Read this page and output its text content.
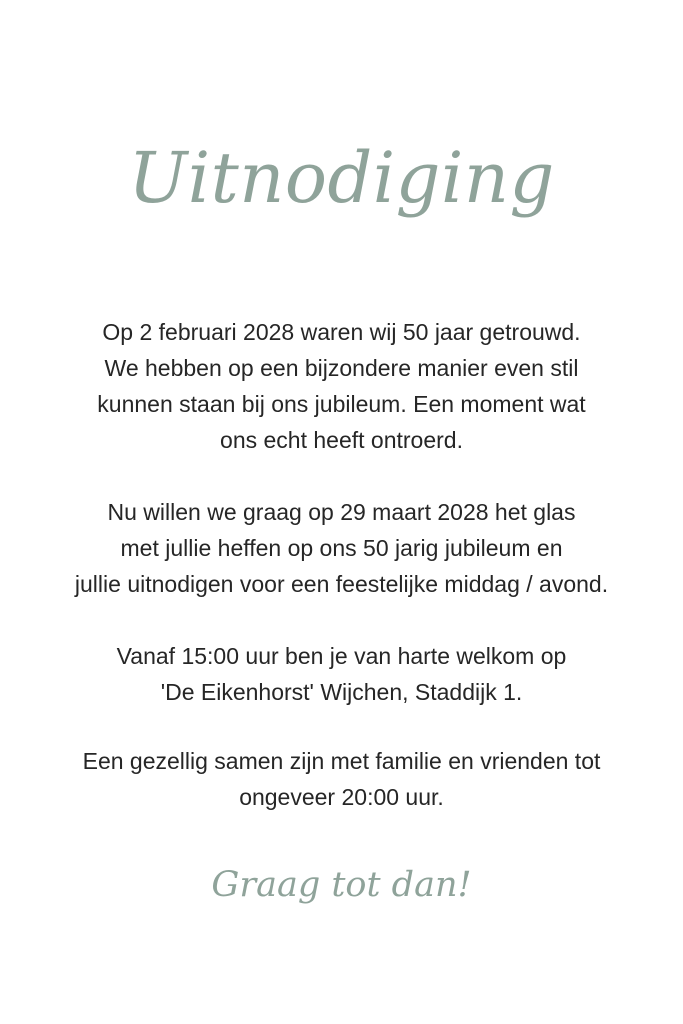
Uitnodiging

Op 2 februari 2028 waren wij 50 jaar getrouwd.
We hebben op een bijzondere manier even stil
kunnen staan bij ons jubileum. Een moment wat
ons echt heeft ontroerd.

Nu willen we graag op 29 maart 2028 het glas
met jullie heffen op ons 50 jarig jubileum en
jullie uitnodigen voor een feestelijke middag / avond.

Vanaf 15:00 uur ben je van harte welkom op
'De Eikenhorst' Wijchen, Staddijk 1.

Een gezellig samen zijn met familie en vrienden tot
ongeveer 20:00 uur.

Graag tot dan!
